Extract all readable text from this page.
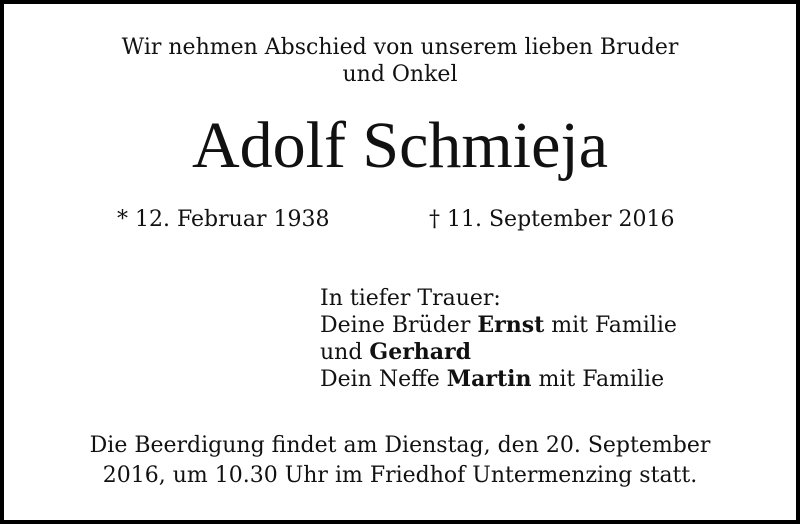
Wir nehmen Abschied von unserem lieben Bruder
und Onkel
Adolf Schmieja
* 12. Februar 1938	† 11. September 2016
In tiefer Trauer:
Deine Brüder Ernst mit Familie
und Gerhard
Dein Neffe Martin mit Familie
Die Beerdigung findet am Dienstag, den 20. September
2016, um 10.30 Uhr im Friedhof Untermenzing statt.
